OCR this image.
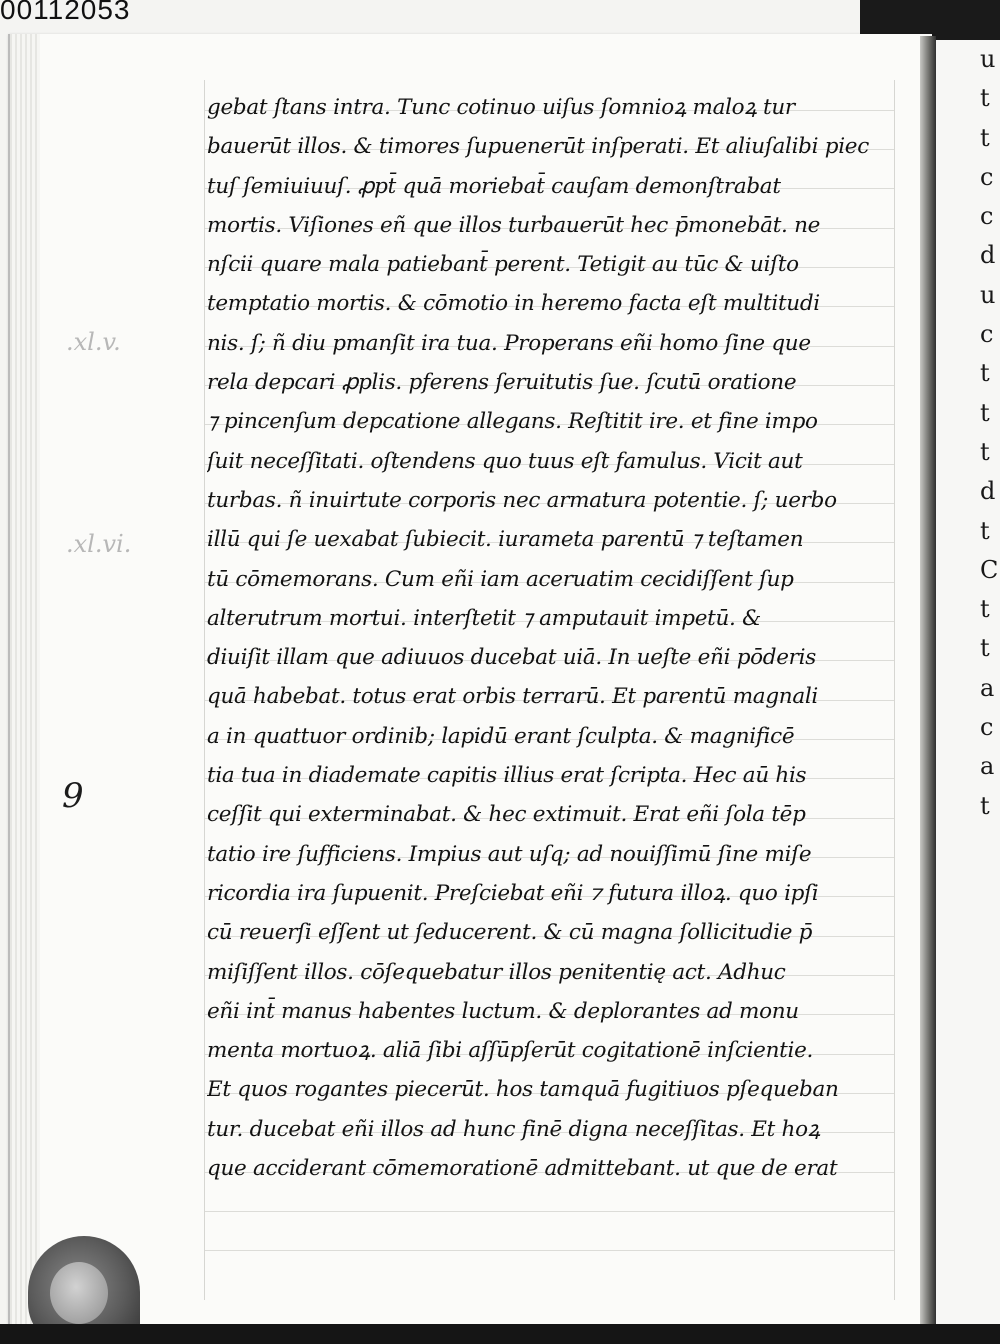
00112053
gebat ſtans intra. Tunc cotinuo uiſus ſomnioꝝ maloꝝ tur
bauerūt illos. & timores ſupuenerūt inſperati. Et aliuſalibi piec
tuſ ſemiuiuuſ. ꝓpt̄ quā moriebat̄ cauſam demonſtrabat
mortis. Viſiones eñ que illos turbauerūt hec p̄monebāt. ne
nſcii quare mala patiebant̄ perent. Tetigit au tūc & uiſto
temptatio mortis. & cōmotio in heremo facta eſt multitudi
nis. ſ; ñ diu pmanſit ira tua. Properans eñi homo ſine que
rela depcari ꝓplis. pferens ſeruitutis ſue. ſcutū oratione
⁊ pincenſum depcatione allegans. Reſtitit ire. et fine impo
ſuit neceſſitati. oſtendens quo tuus eſt famulus. Vicit aut
turbas. ñ inuirtute corporis nec armatura potentie. ſ; uerbo
illū qui ſe uexabat ſubiecit. iurameta parentū ⁊ teſtamen
tū cōmemorans. Cum eñi iam aceruatim cecidiſſent ſup
alterutrum mortui. interſtetit ⁊ amputauit impetū. &
diuiſit illam que adiuuos ducebat uiā. In ueſte eñi pōderis
quā habebat. totus erat orbis terrarū. Et parentū magnali
a in quattuor ordinib; lapidū erant ſculpta. & magnificē
tia tua in diademate capitis illius erat ſcripta. Hec aū his
ceſſit qui exterminabat. & hec extimuit. Erat eñi ſola tēp
tatio ire ſufficiens. Impius aut uſq; ad nouiſſimū ſine miſe
ricordia ira ſupuenit. Preſciebat eñi ⁊ futura illoꝝ. quo ipſi
cū reuerſi eſſent ut ſeducerent. & cū magna ſollicitudie p̄
miſiſſent illos. cōſequebatur illos penitentię act. Adhuc
eñi int̄ manus habentes luctum. & deplorantes ad monu
menta mortuoꝝ. aliā ſibi aſſūpſerūt cogitationē inſcientie.
Et quos rogantes piecerūt. hos tamquā fugitiuos pſequeban
tur. ducebat eñi illos ad hunc finē digna neceſſitas. Et hoꝝ
que acciderant cōmemorationē admittebant. ut que de erat
.xl.v.
.xl.vi.
9
u
t
t
c
c
d
u
c
t
t
t
d
t
C
t
t
a
c
a
t
